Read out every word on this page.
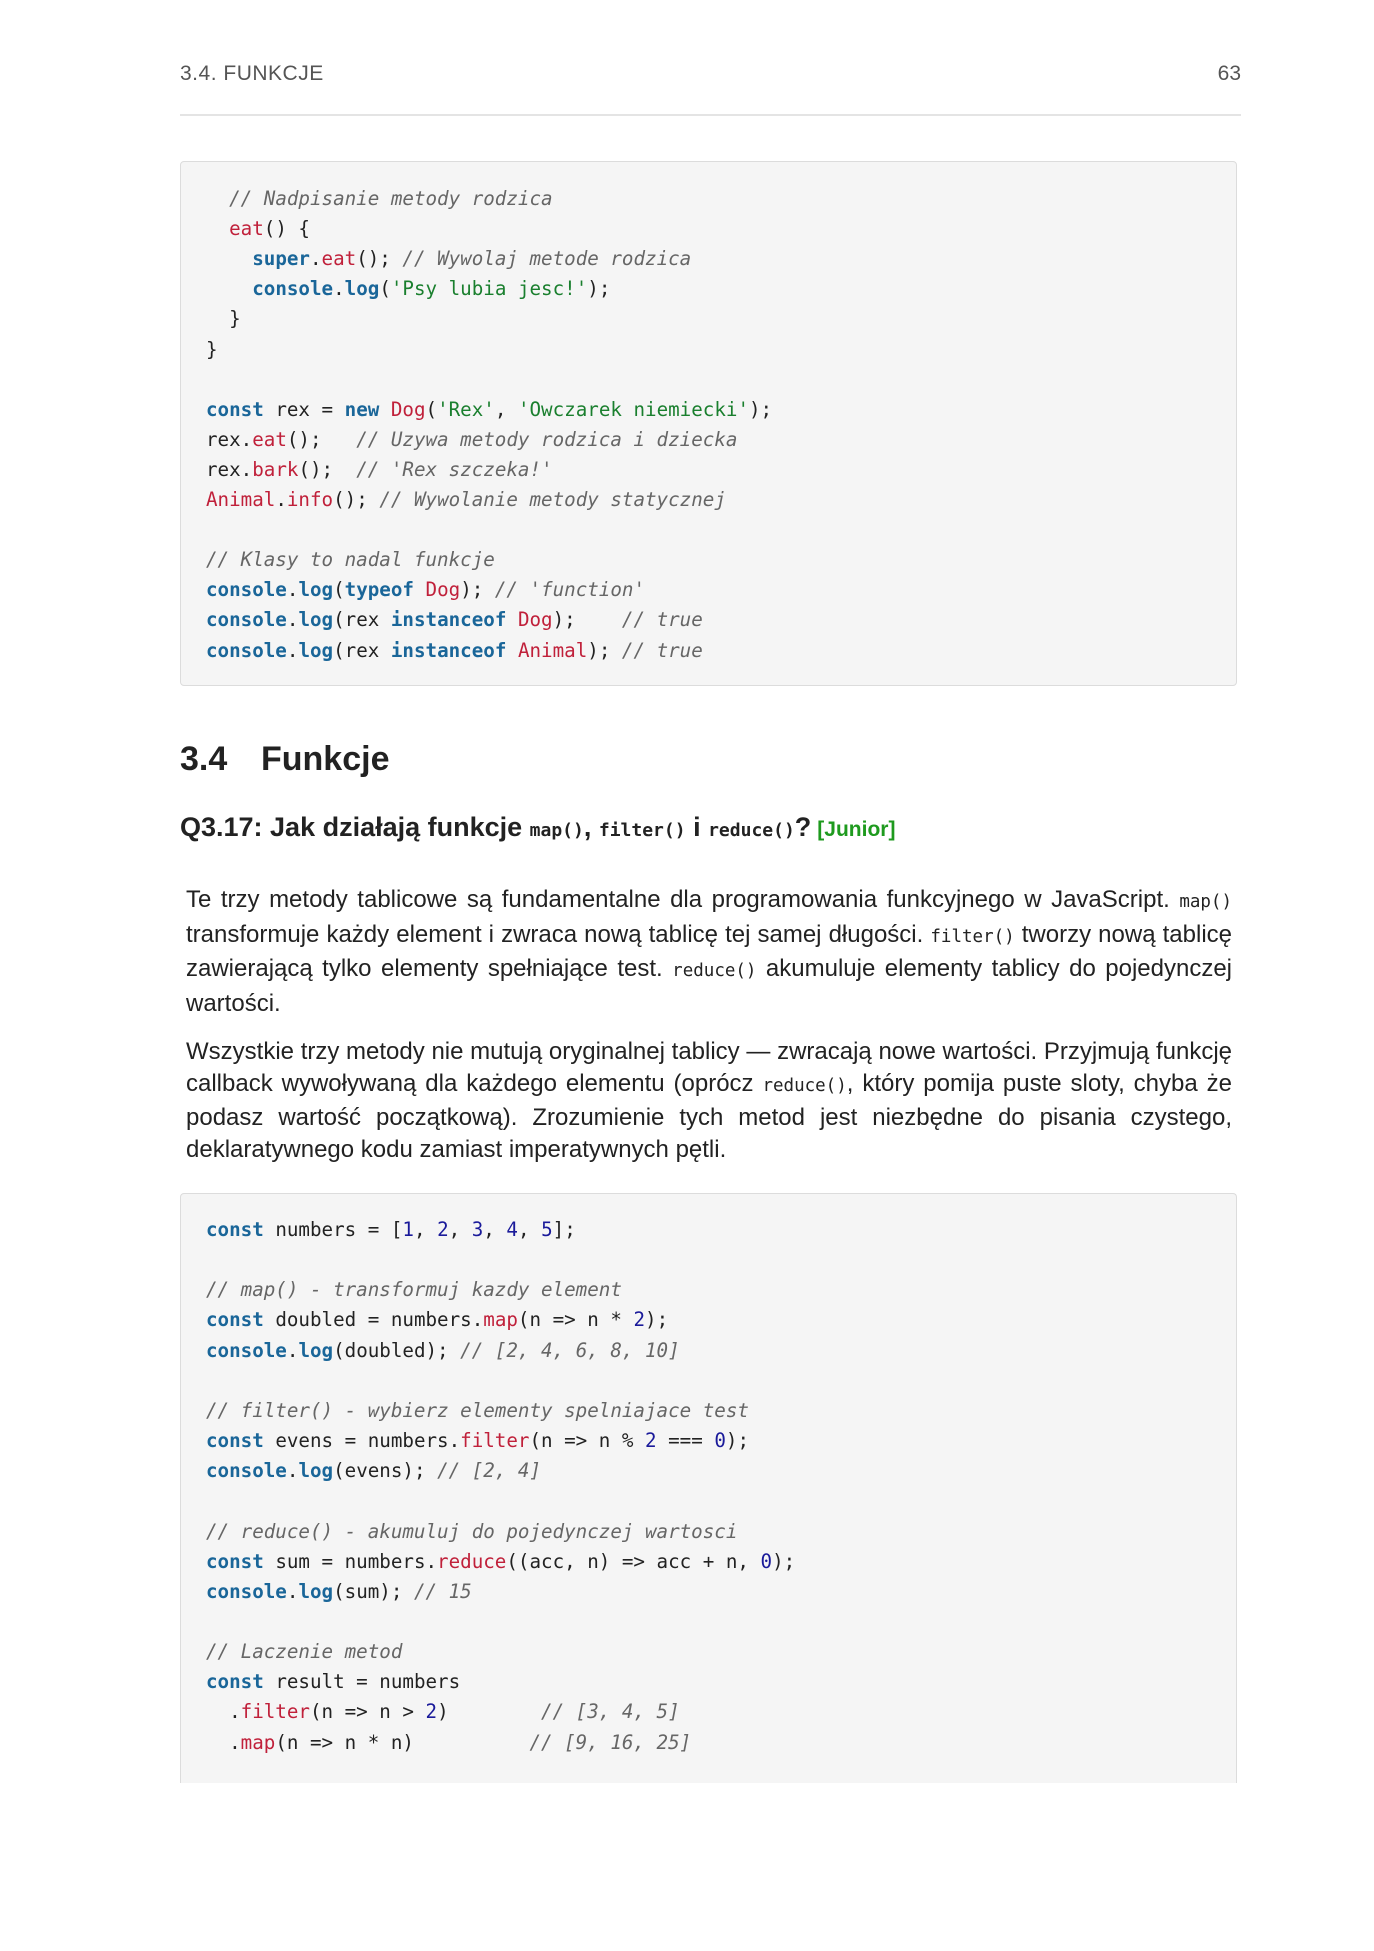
3.4. FUNKCJE	63
// Nadpisanie metody rodzica
eat() {
super.eat(); // Wywolaj metode rodzica
console.log('Psy lubia jesc!');
}
}
const rex = new Dog('Rex', 'Owczarek niemiecki');
rex.eat();   // Uzywa metody rodzica i dziecka
rex.bark();  // 'Rex szczeka!'
Animal.info(); // Wywolanie metody statycznej
// Klasy to nadal funkcje
console.log(typeof Dog); // 'function'
console.log(rex instanceof Dog);    // true
console.log(rex instanceof Animal); // true
3.4 Funkcje
Q3.17: Jak działają funkcje map(), filter() i reduce()? [Junior]

Te trzy metody tablicowe są fundamentalne dla programowania funkcyjnego w JavaScript. map() transformuje każdy element i zwraca nową tablicę tej samej długości. filter() tworzy nową tablicę zawierającą tylko elementy spełniające test. reduce() akumuluje elementy tablicy do pojedynczej wartości.

Wszystkie trzy metody nie mutują oryginalnej tablicy — zwracają nowe wartości. Przyjmują funkcję callback wywoływaną dla każdego elementu (oprócz reduce(), który pomija puste sloty, chyba że podasz wartość początkową). Zrozumienie tych metod jest niezbędne do pisania czystego, deklaratywnego kodu zamiast imperatywnych pętli.

const numbers = [1, 2, 3, 4, 5];
// map() - transformuj kazdy element
const doubled = numbers.map(n => n * 2);
console.log(doubled); // [2, 4, 6, 8, 10]
// filter() - wybierz elementy spelniajace test
const evens = numbers.filter(n => n % 2 === 0);
console.log(evens); // [2, 4]
// reduce() - akumuluj do pojedynczej wartosci
const sum = numbers.reduce((acc, n) => acc + n, 0);
console.log(sum); // 15
// Laczenie metod
const result = numbers
.filter(n => n > 2)        // [3, 4, 5]
.map(n => n * n)          // [9, 16, 25]
